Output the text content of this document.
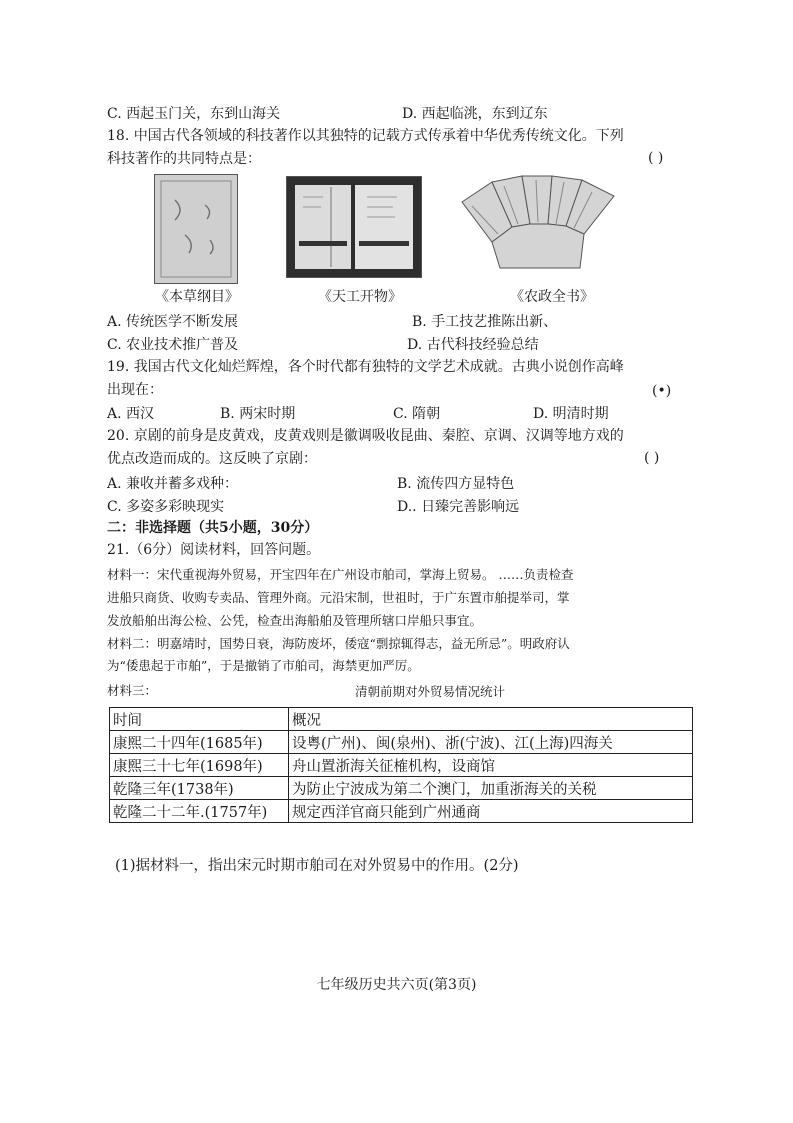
C. 西起玉门关，东到山海关	D. 西起临洮，东到辽东
18. 中国古代各领域的科技著作以其独特的记载方式传承着中华优秀传统文化。下列
科技著作的共同特点是：	( )
《本草纲目》	《天工开物》	《农政全书》
A. 传统医学不断发展	B. 手工技艺推陈出新、
C. 农业技术推广普及	D. 古代科技经验总结
19. 我国古代文化灿烂辉煌，各个时代都有独特的文学艺术成就。古典小说创作高峰
出现在：	(•)
A. 西汉	B. 两宋时期	C. 隋朝	D. 明清时期
20. 京剧的前身是皮黄戏，皮黄戏则是徽调吸收昆曲、秦腔、京调、汉调等地方戏的
优点改造而成的。这反映了京剧：	( )
A. 兼收并蓄多戏种：	B. 流传四方显特色
C. 多姿多彩映现实	D.. 日臻完善影响远
二：非选择题（共5小题，30分）
21.（6分）阅读材料，回答问题。
材料一：宋代重视海外贸易，开宝四年在广州设市舶司，掌海上贸易。 ……负责检查
进船只商货、收购专卖品、管理外商。元沿宋制，世祖时，于广东置市舶提举司，掌
发放船舶出海公检、公凭，检查出海船舶及管理所辖口岸船只事宜。
材料二：明嘉靖时，国势日衰，海防废坏，倭寇“剽掠辄得志，益无所忌”。明政府认
为“倭患起于市舶”，于是撤销了市舶司，海禁更加严厉。
材料三：	清朝前期对外贸易情况统计
时间	概况
康熙二十四年(1685年)	设粤(广州)、闽(泉州)、浙(宁波)、江(上海)四海关
康熙三十七年(1698年)	舟山置浙海关征榷机构，设商馆
乾隆三年(1738年)	为防止宁波成为第二个澳门，加重浙海关的关税
乾隆二十二年.(1757年)	规定西洋官商只能到广州通商
(1)据材料一，指出宋元时期市舶司在对外贸易中的作用。(2分)
七年级历史共六页(第3页)
